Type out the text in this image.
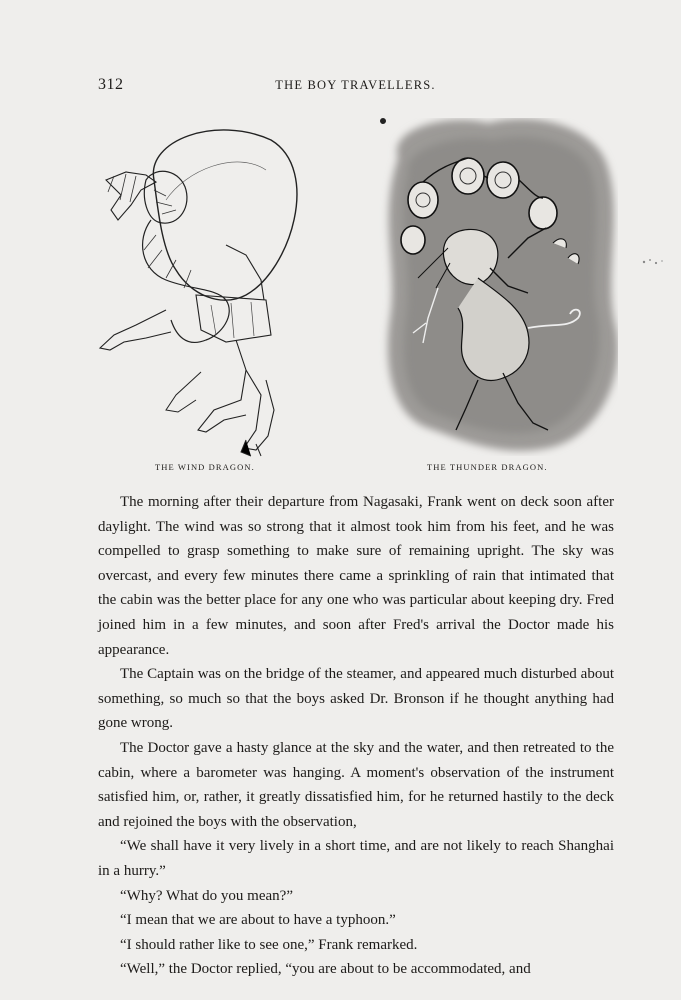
312	THE BOY TRAVELLERS.
THE WIND DRAGON.	THE THUNDER DRAGON.

The morning after their departure from Nagasaki, Frank went on deck soon after daylight. The wind was so strong that it almost took him from his feet, and he was compelled to grasp something to make sure of remaining upright. The sky was overcast, and every few minutes there came a sprinkling of rain that intimated that the cabin was the better place for any one who was particular about keeping dry. Fred joined him in a few minutes, and soon after Fred's arrival the Doctor made his appearance.

The Captain was on the bridge of the steamer, and appeared much disturbed about something, so much so that the boys asked Dr. Bronson if he thought anything had gone wrong.

The Doctor gave a hasty glance at the sky and the water, and then retreated to the cabin, where a barometer was hanging. A moment's observation of the instrument satisfied him, or, rather, it greatly dissatisfied him, for he returned hastily to the deck and rejoined the boys with the observation,

“We shall have it very lively in a short time, and are not likely to reach Shanghai in a hurry.”

“Why? What do you mean?”

“I mean that we are about to have a typhoon.”

“I should rather like to see one,” Frank remarked.

“Well,” the Doctor replied, “you are about to be accommodated, and
